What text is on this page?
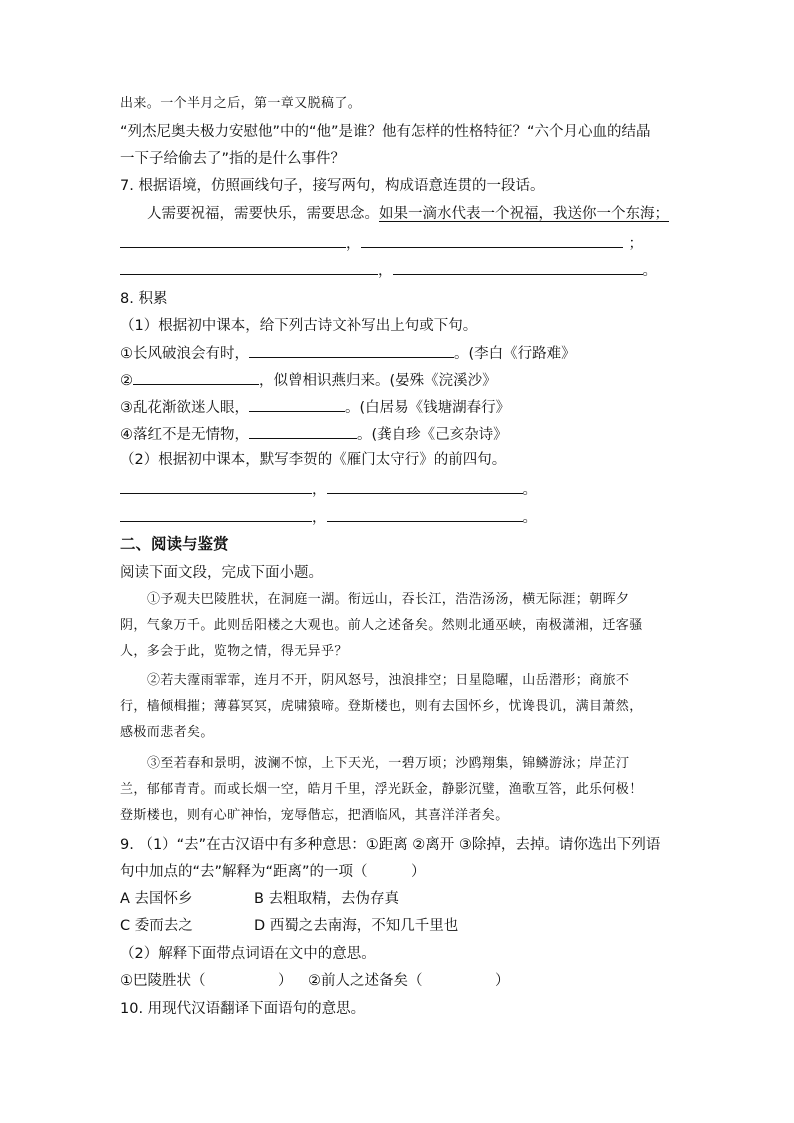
出来。一个半月之后，第一章又脱稿了。
“列杰尼奥夫极力安慰他”中的“他”是谁？他有怎样的性格特征？“六个月心血的结晶
一下子给偷去了”指的是什么事件？
7. 根据语境，仿照画线句子，接写两句，构成语意连贯的一段话。
人需要祝福，需要快乐，需要思念。如果一滴水代表一个祝福，我送你一个东海；
，	；
，	。
8. 积累
（1）根据初中课本，给下列古诗文补写出上句或下句。
①长风破浪会有时，	。(李白《行路难》
②	，似曾相识燕归来。(晏殊《浣溪沙》
③乱花渐欲迷人眼，	。(白居易《钱塘湖春行》
④落红不是无情物，	。(龚自珍《己亥杂诗》
（2）根据初中课本，默写李贺的《雁门太守行》的前四句。
，	。
，	。
二、阅读与鉴赏
阅读下面文段，完成下面小题。
①予观夫巴陵胜状，在洞庭一湖。衔远山，吞长江，浩浩汤汤，横无际涯；朝晖夕
阴，气象万千。此则岳阳楼之大观也。前人之述备矣。然则北通巫峡，南极潇湘，迁客骚
人，多会于此，览物之情，得无异乎？
②若夫霪雨霏霏，连月不开，阴风怒号，浊浪排空；日星隐曜，山岳潜形；商旅不
行，樯倾楫摧；薄暮冥冥，虎啸猿啼。登斯楼也，则有去国怀乡，忧谗畏讥，满目萧然，
感极而悲者矣。
③至若春和景明，波澜不惊，上下天光，一碧万顷；沙鸥翔集，锦鳞游泳；岸芷汀
兰，郁郁青青。而或长烟一空，皓月千里，浮光跃金，静影沉璧，渔歌互答，此乐何极！
登斯楼也，则有心旷神怡，宠辱偕忘，把酒临风，其喜洋洋者矣。
9. （1）“去”在古汉语中有多种意思：①距离 ②离开 ③除掉，去掉。请你选出下列语
句中加点的“去”解释为“距离”的一项（　　　）
A 去国怀乡	B 去粗取精，去伪存真
C 委而去之	D 西蜀之去南海，不知几千里也
（2）解释下面带点词语在文中的意思。
①巴陵胜状（　　　　　） ②前人之述备矣（　　　　　）
10. 用现代汉语翻译下面语句的意思。
